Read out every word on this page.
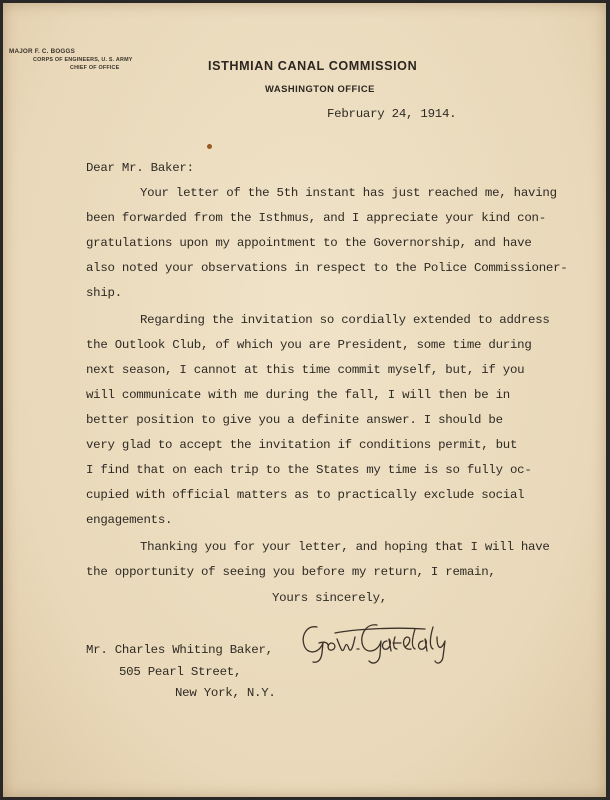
MAJOR F. C. BOGGS
CORPS OF ENGINEERS, U. S. ARMY
CHIEF OF OFFICE	ISTHMIAN CANAL COMMISSION
WASHINGTON OFFICE
February 24, 1914.
Dear Mr. Baker:
Your letter of the 5th instant has just reached me, having
been forwarded from the Isthmus, and I appreciate your kind con-
gratulations upon my appointment to the Governorship, and have
also noted your observations in respect to the Police Commissioner-
ship.
Regarding the invitation so cordially extended to address
the Outlook Club, of which you are President, some time during
next season, I cannot at this time commit myself, but, if you
will communicate with me during the fall, I will then be in
better position to give you a definite answer. I should be
very glad to accept the invitation if conditions permit, but
I find that on each trip to the States my time is so fully oc-
cupied with official matters as to practically exclude social
engagements.
Thanking you for your letter, and hoping that I will have
the opportunity of seeing you before my return, I remain,
Yours sincerely,
Mr. Charles Whiting Baker,
505 Pearl Street,
New York, N.Y.
